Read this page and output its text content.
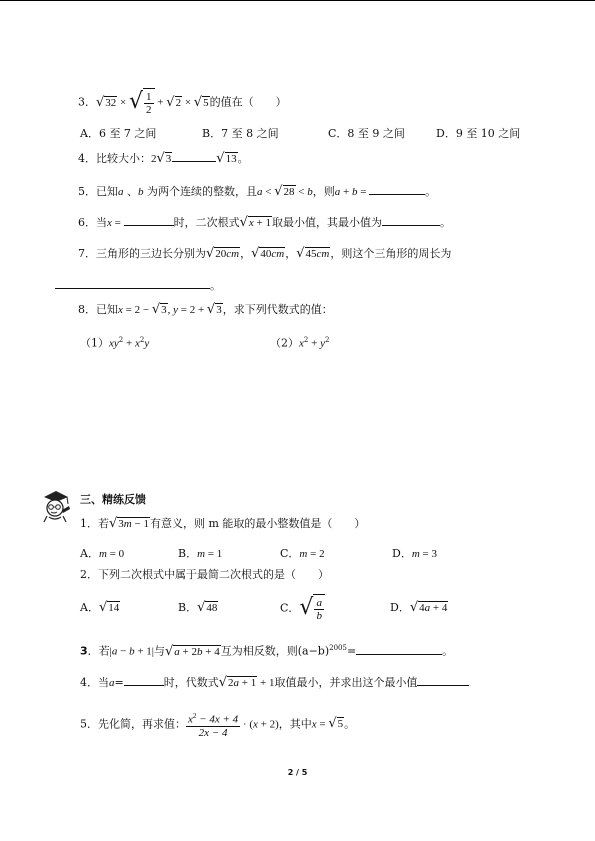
3． √ 32 × √ $\frac{1}{2}$ + √ 2 × √ 5 的值在（　　）
A．6 至 7 之间	B．7 至 8 之间	C．8 至 9 之间	D．9 至 10 之间
4．比较大小：2 √ 3	√ 13 。
5．已知a 、b 为两个连续的整数，且a < √ 28 < b，则a + b =	。
6．当x =	时，二次根式 √ x + 1 取最小值，其最小值为	。
7．三角形的三边长分别为 √ 20cm ， √ 40cm ， √ 45cm ，则这个三角形的周长为
。
8．已知x = 2 − √ 3 , y = 2 + √ 3 ，求下列代数式的值：
$(1)xy^2 + x^2y$	$(2)x^2 + y^2$
三、精练反馈
1．若 √ 3m − 1 有意义，则 m 能取的最小整数值是（　　）
A．m = 0	B．m = 1	C．m = 2	D．m = 3
2．下列二次根式中属于最简二次根式的是（　　）
A． √ 14	B． √ 48	C． √ $\frac{a}{b}$	D． √ 4a + 4
3．若|a − b + 1|与 √ a + 2b + 4 互为相反数，则$(a-b)^{2005}=$	。
4．当a=	时，代数式 √ 2a + 1 + 1取值最小，并求出这个最小值
5．先化简，再求值： $\frac{x^2 - 4x + 4}{2x - 4} \cdot (x + 2)$，其中x = √ 5 。
2 / 5
